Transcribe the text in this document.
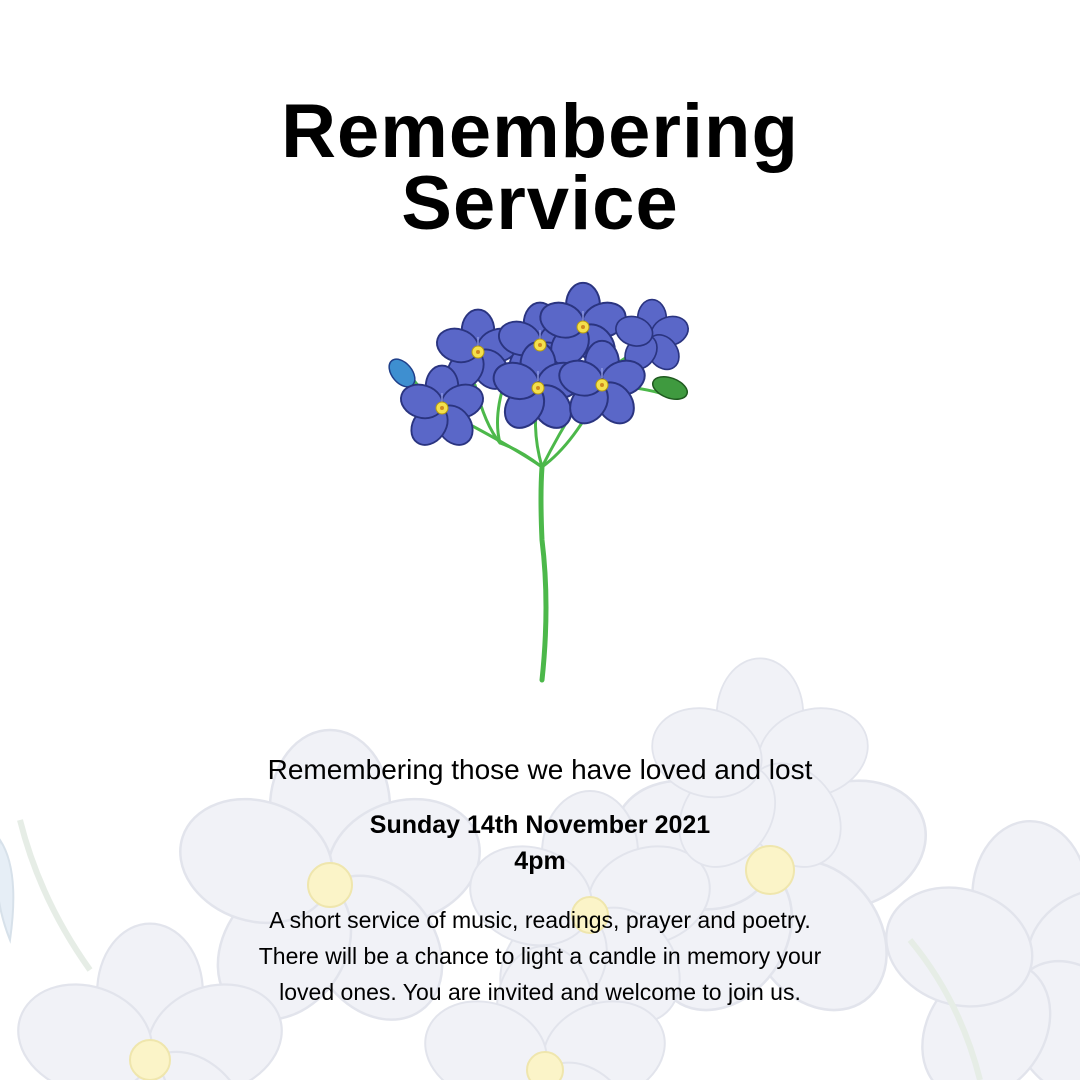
Remembering
Service
Remembering those we have loved and lost
Sunday 14th November 2021
4pm
A short service of music, readings, prayer and poetry.
There will be a chance to light a candle in memory your
loved ones. You are invited and welcome to join us.
